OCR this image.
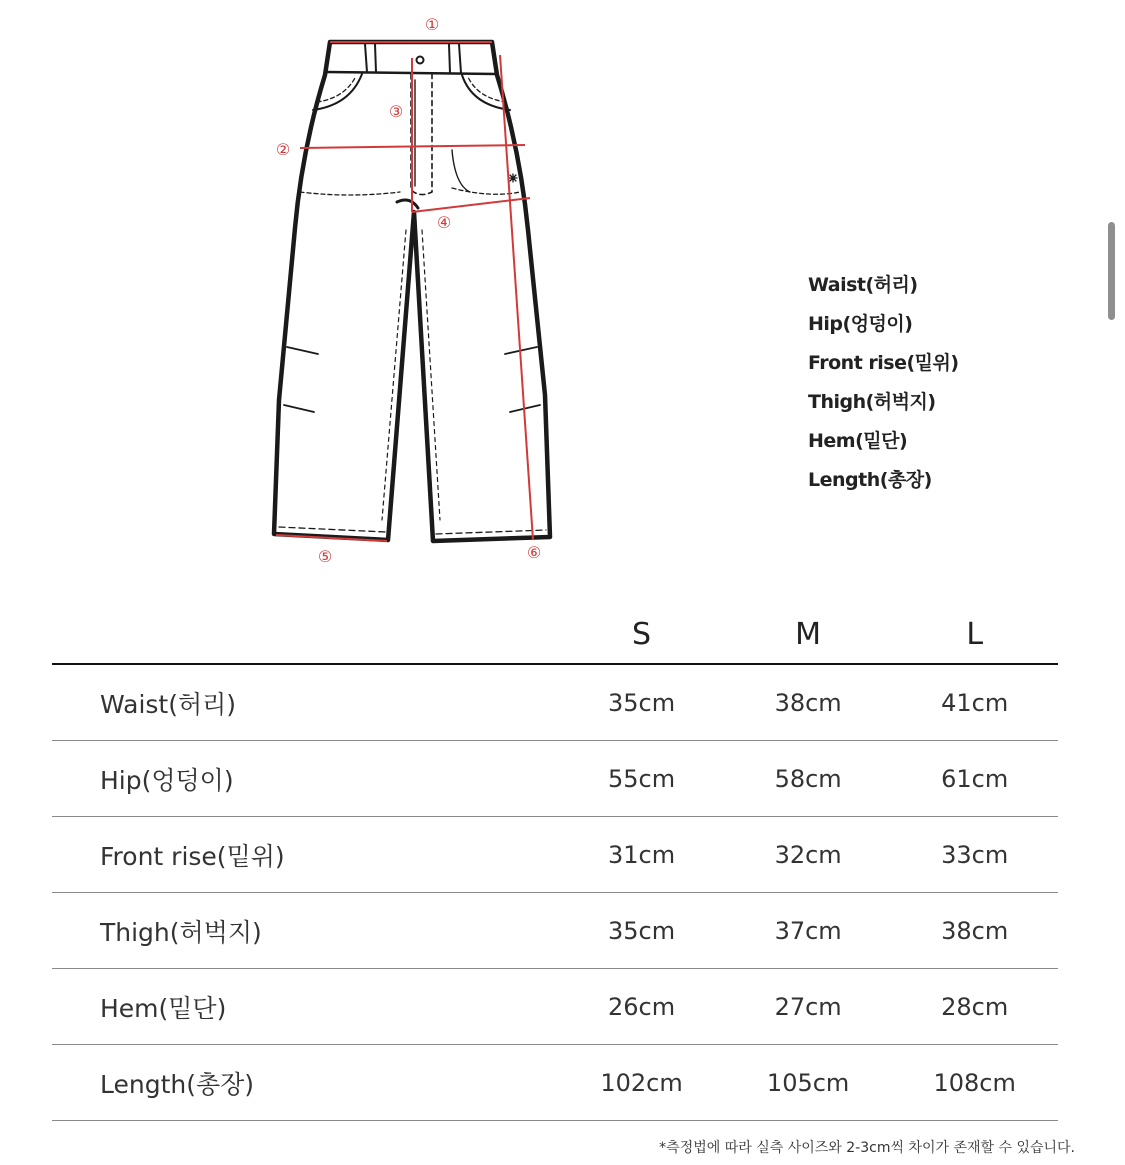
①
②
③
④
⑤	⑥
Waist(허리)
Hip(엉덩이)
Front rise(밑위)
Thigh(허벅지)
Hem(밑단)
Length(총장)
	S	M	L
Waist(허리)	35cm	38cm	41cm
Hip(엉덩이)	55cm	58cm	61cm
Front rise(밑위)	31cm	32cm	33cm
Thigh(허벅지)	35cm	37cm	38cm
Hem(밑단)	26cm	27cm	28cm
Length(총장)	102cm	105cm	108cm
*측정법에 따라 실측 사이즈와 2-3cm씩 차이가 존재할 수 있습니다.
